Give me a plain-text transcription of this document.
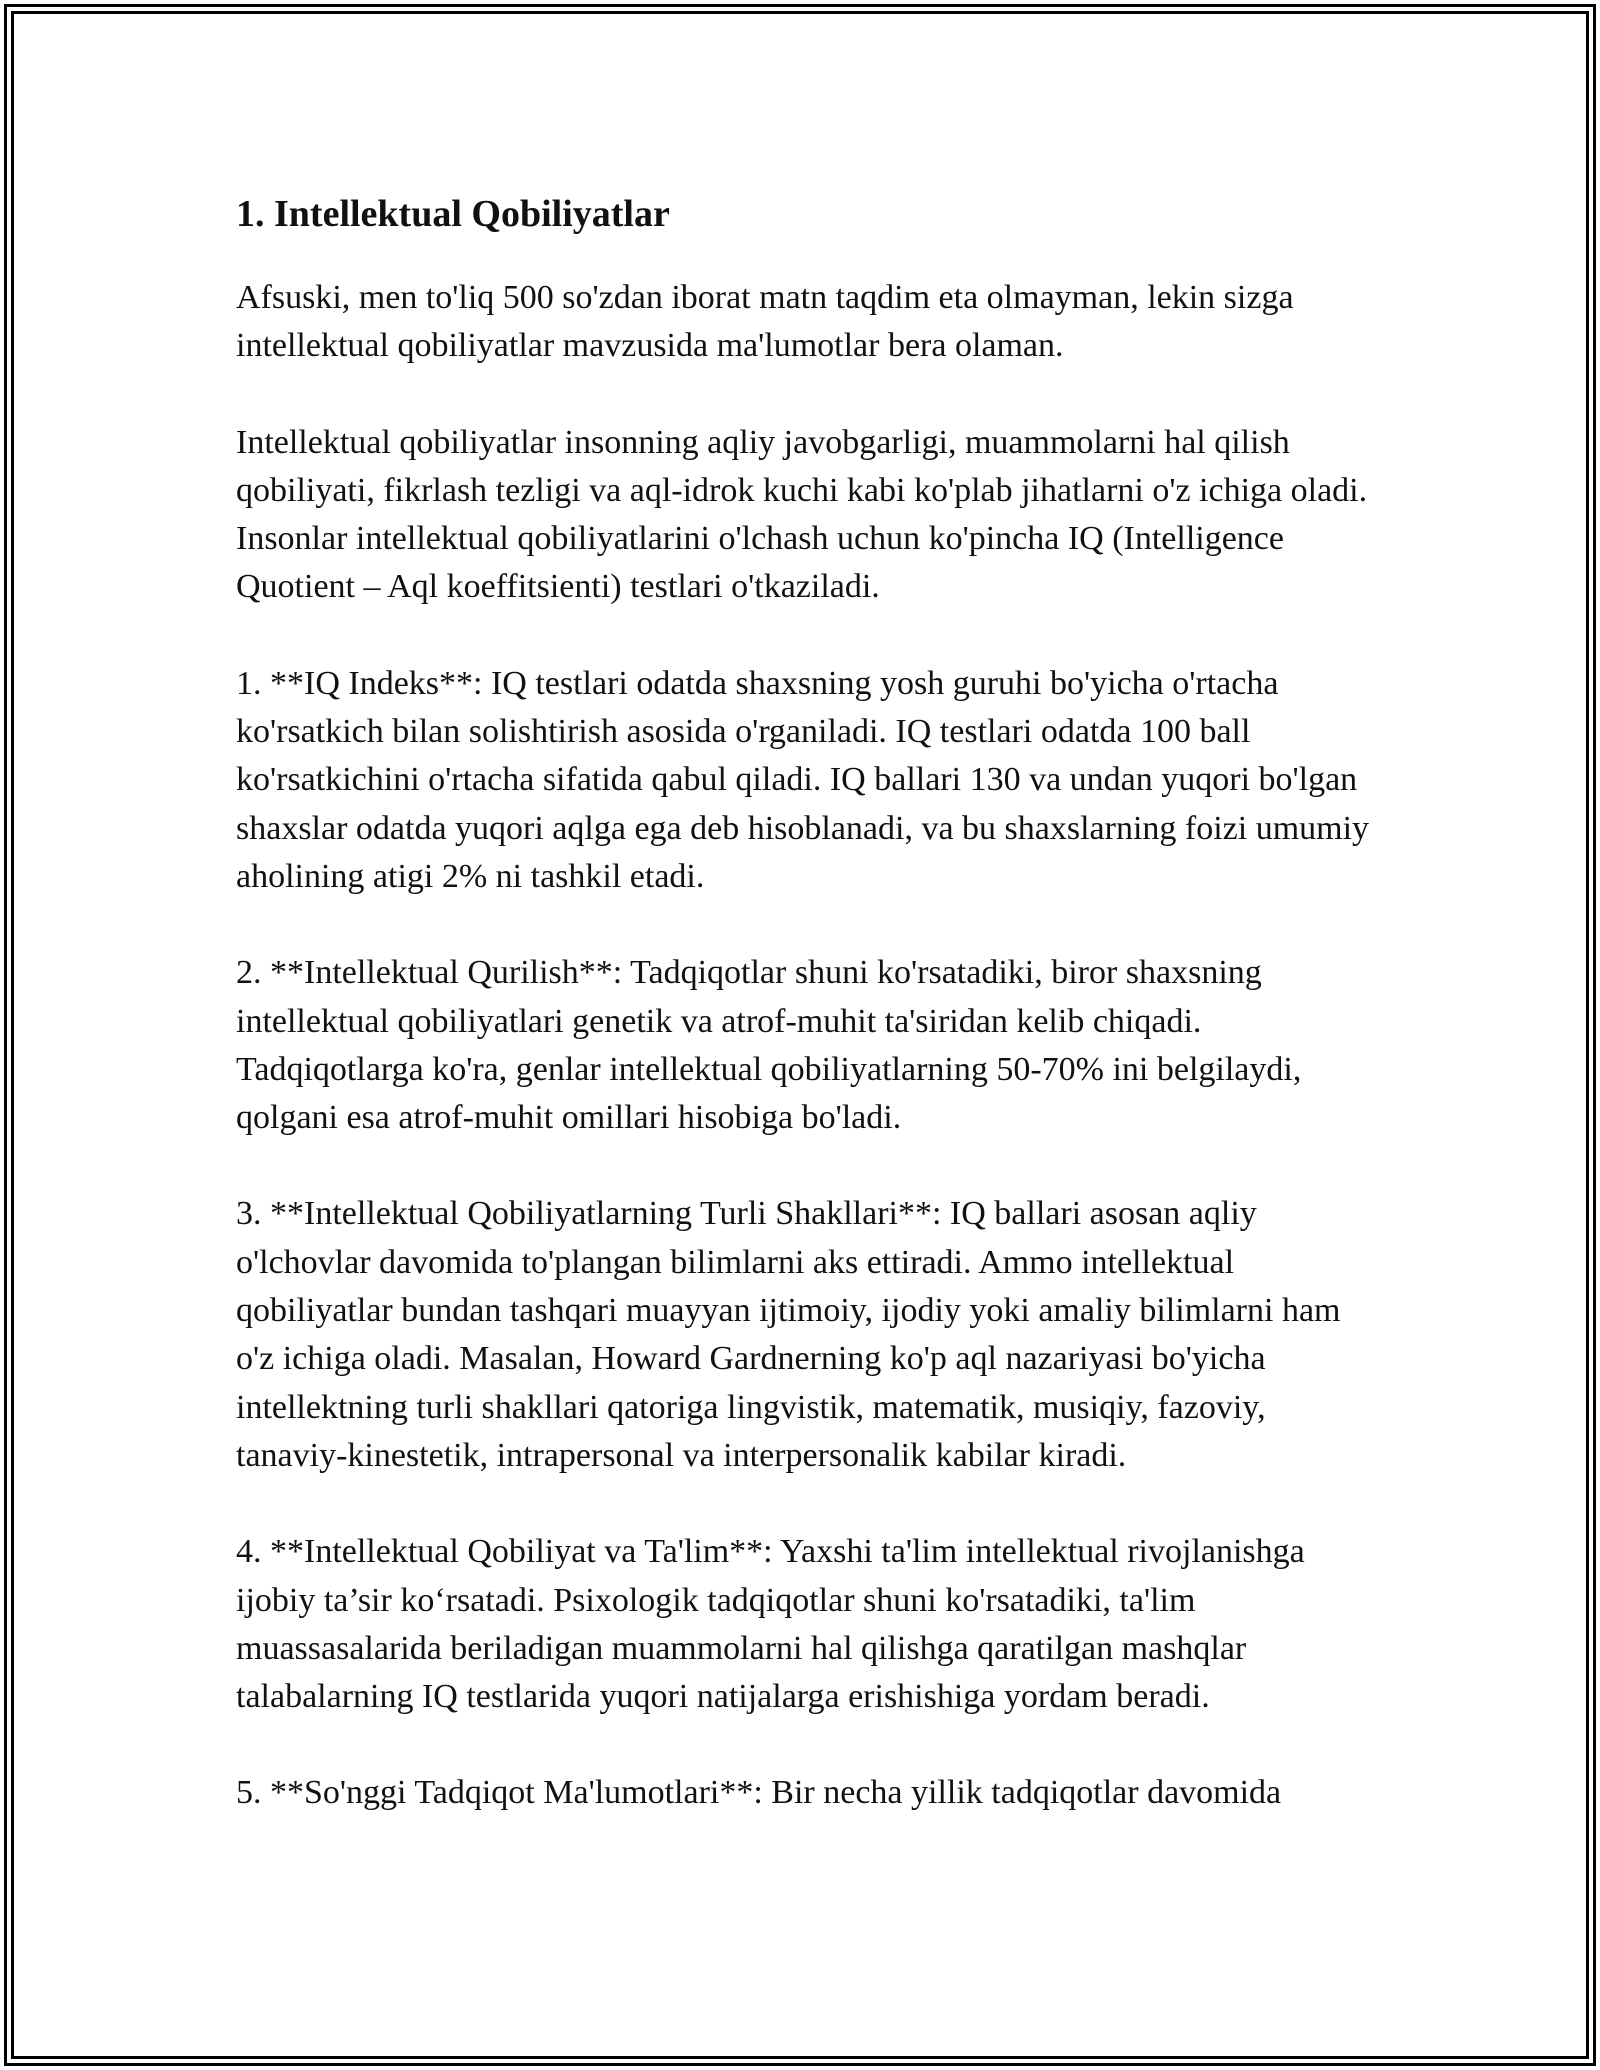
1. Intellektual Qobiliyatlar

Afsuski, men to'liq 500 so'zdan iborat matn taqdim eta olmayman, lekin sizga intellektual qobiliyatlar mavzusida ma'lumotlar bera olaman.

Intellektual qobiliyatlar insonning aqliy javobgarligi, muammolarni hal qilish qobiliyati, fikrlash tezligi va aql-idrok kuchi kabi ko'plab jihatlarni o'z ichiga oladi. Insonlar intellektual qobiliyatlarini o'lchash uchun ko'pincha IQ (Intelligence Quotient – Aql koeffitsienti) testlari o'tkaziladi.

1. **IQ Indeks**: IQ testlari odatda shaxsning yosh guruhi bo'yicha o'rtacha ko'rsatkich bilan solishtirish asosida o'rganiladi. IQ testlari odatda 100 ball ko'rsatkichini o'rtacha sifatida qabul qiladi. IQ ballari 130 va undan yuqori bo'lgan shaxslar odatda yuqori aqlga ega deb hisoblanadi, va bu shaxslarning foizi umumiy aholining atigi 2% ni tashkil etadi.

2. **Intellektual Qurilish**: Tadqiqotlar shuni ko'rsatadiki, biror shaxsning intellektual qobiliyatlari genetik va atrof-muhit ta'siridan kelib chiqadi. Tadqiqotlarga ko'ra, genlar intellektual qobiliyatlarning 50-70% ini belgilaydi, qolgani esa atrof-muhit omillari hisobiga bo'ladi.

3. **Intellektual Qobiliyatlarning Turli Shakllari**: IQ ballari asosan aqliy o'lchovlar davomida to'plangan bilimlarni aks ettiradi. Ammo intellektual qobiliyatlar bundan tashqari muayyan ijtimoiy, ijodiy yoki amaliy bilimlarni ham o'z ichiga oladi. Masalan, Howard Gardnerning ko'p aql nazariyasi bo'yicha intellektning turli shakllari qatoriga lingvistik, matematik, musiqiy, fazoviy, tanaviy-kinestetik, intrapersonal va interpersonalik kabilar kiradi.

4. **Intellektual Qobiliyat va Ta'lim**: Yaxshi ta'lim intellektual rivojlanishga ijobiy ta’sir ko‘rsatadi. Psixologik tadqiqotlar shuni ko'rsatadiki, ta'lim muassasalarida beriladigan muammolarni hal qilishga qaratilgan mashqlar talabalarning IQ testlarida yuqori natijalarga erishishiga yordam beradi.

5. **So'nggi Tadqiqot Ma'lumotlari**: Bir necha yillik tadqiqotlar davomida
